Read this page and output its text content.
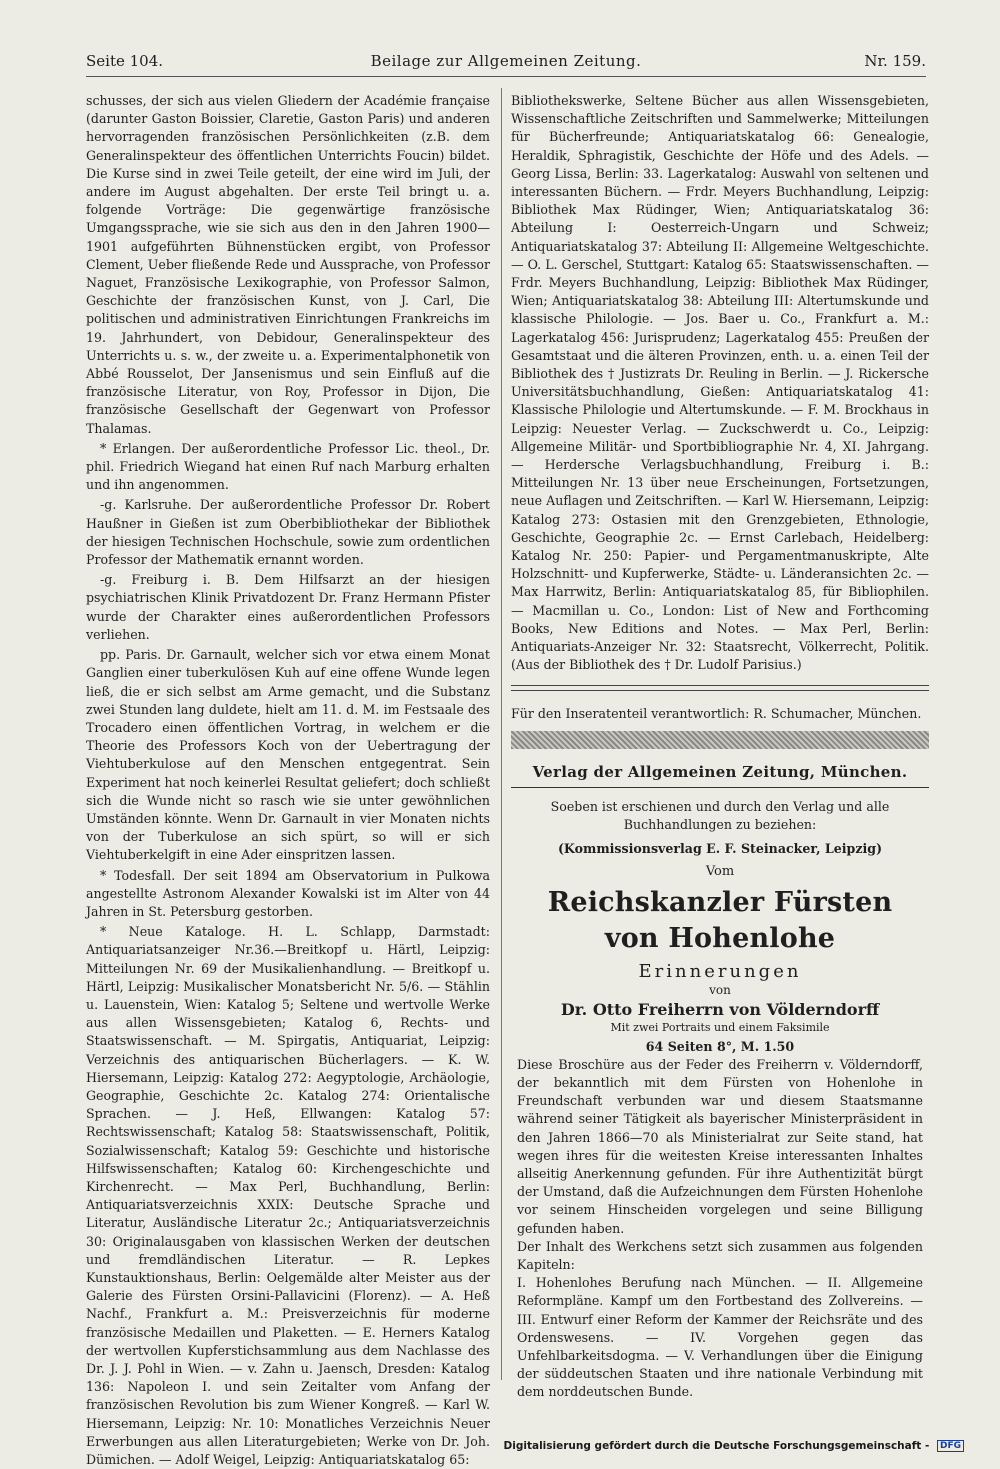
Seite 104.	Beilage zur Allgemeinen Zeitung.	Nr. 159.

schusses, der sich aus vielen Gliedern der Académie française (darunter Gaston Boissier, Claretie, Gaston Paris) und anderen hervorragenden französischen Persönlichkeiten (z.B. dem Generalinspekteur des öffentlichen Unterrichts Foucin) bildet. Die Kurse sind in zwei Teile geteilt, der eine wird im Juli, der andere im August abgehalten. Der erste Teil bringt u. a. folgende Vorträge: Die gegenwärtige französische Umgangssprache, wie sie sich aus den in den Jahren 1900—1901 aufgeführten Bühnenstücken ergibt, von Professor Clement, Ueber fließende Rede und Aussprache, von Professor Naguet, Französische Lexikographie, von Professor Salmon, Geschichte der französischen Kunst, von J. Carl, Die politischen und administrativen Einrichtungen Frankreichs im 19. Jahrhundert, von Debidour, Generalinspekteur des Unterrichts u. s. w., der zweite u. a. Experimentalphonetik von Abbé Rousselot, Der Jansenismus und sein Einfluß auf die französische Literatur, von Roy, Professor in Dijon, Die französische Gesellschaft der Gegenwart von Professor Thalamas.

* Erlangen. Der außerordentliche Professor Lic. theol., Dr. phil. Friedrich Wiegand hat einen Ruf nach Marburg erhalten und ihn angenommen.

-g. Karlsruhe. Der außerordentliche Professor Dr. Robert Haußner in Gießen ist zum Oberbibliothekar der Bibliothek der hiesigen Technischen Hochschule, sowie zum ordentlichen Professor der Mathematik ernannt worden.

-g. Freiburg i. B. Dem Hilfsarzt an der hiesigen psychiatrischen Klinik Privatdozent Dr. Franz Hermann Pfister wurde der Charakter eines außerordentlichen Professors verliehen.

pp. Paris. Dr. Garnault, welcher sich vor etwa einem Monat Ganglien einer tuberkulösen Kuh auf eine offene Wunde legen ließ, die er sich selbst am Arme gemacht, und die Substanz zwei Stunden lang duldete, hielt am 11. d. M. im Festsaale des Trocadero einen öffentlichen Vortrag, in welchem er die Theorie des Professors Koch von der Uebertragung der Viehtuberkulose auf den Menschen entgegentrat. Sein Experiment hat noch keinerlei Resultat geliefert; doch schließt sich die Wunde nicht so rasch wie sie unter gewöhnlichen Umständen könnte. Wenn Dr. Garnault in vier Monaten nichts von der Tuberkulose an sich spürt, so will er sich Viehtuberkelgift in eine Ader einspritzen lassen.

* Todesfall. Der seit 1894 am Observatorium in Pulkowa angestellte Astronom Alexander Kowalski ist im Alter von 44 Jahren in St. Petersburg gestorben.

* Neue Kataloge. H. L. Schlapp, Darmstadt: Antiquariatsanzeiger Nr.36.—Breitkopf u. Härtl, Leipzig: Mitteilungen Nr. 69 der Musikalienhandlung. — Breitkopf u. Härtl, Leipzig: Musikalischer Monatsbericht Nr. 5/6. — Stählin u. Lauenstein, Wien: Katalog 5; Seltene und wertvolle Werke aus allen Wissensgebieten; Katalog 6, Rechts- und Staatswissenschaft. — M. Spirgatis, Antiquariat, Leipzig: Verzeichnis des antiquarischen Bücherlagers. — K. W. Hiersemann, Leipzig: Katalog 272: Aegyptologie, Archäologie, Geographie, Geschichte 2c. Katalog 274: Orientalische Sprachen. — J. Heß, Ellwangen: Katalog 57: Rechtswissenschaft; Katalog 58: Staatswissenschaft, Politik, Sozialwissenschaft; Katalog 59: Geschichte und historische Hilfswissenschaften; Katalog 60: Kirchengeschichte und Kirchenrecht. — Max Perl, Buchhandlung, Berlin: Antiquariatsverzeichnis XXIX: Deutsche Sprache und Literatur, Ausländische Literatur 2c.; Antiquariatsverzeichnis 30: Originalausgaben von klassischen Werken der deutschen und fremdländischen Literatur. — R. Lepkes Kunstauktionshaus, Berlin: Oelgemälde alter Meister aus der Galerie des Fürsten Orsini-Pallavicini (Florenz). — A. Heß Nachf., Frankfurt a. M.: Preisverzeichnis für moderne französische Medaillen und Plaketten. — E. Herners Katalog der wertvollen Kupferstichsammlung aus dem Nachlasse des Dr. J. J. Pohl in Wien. — v. Zahn u. Jaensch, Dresden: Katalog 136: Napoleon I. und sein Zeitalter vom Anfang der französischen Revolution bis zum Wiener Kongreß. — Karl W. Hiersemann, Leipzig: Nr. 10: Monatliches Verzeichnis Neuer Erwerbungen aus allen Literaturgebieten; Werke von Dr. Joh. Dümichen. — Adolf Weigel, Leipzig: Antiquariatskatalog 65:

Bibliothekswerke, Seltene Bücher aus allen Wissensgebieten, Wissenschaftliche Zeitschriften und Sammelwerke; Mitteilungen für Bücherfreunde; Antiquariatskatalog 66: Genealogie, Heraldik, Sphragistik, Geschichte der Höfe und des Adels. — Georg Lissa, Berlin: 33. Lagerkatalog: Auswahl von seltenen und interessanten Büchern. — Frdr. Meyers Buchhandlung, Leipzig: Bibliothek Max Rüdinger, Wien; Antiquariatskatalog 36: Abteilung I: Oesterreich-Ungarn und Schweiz; Antiquariatskatalog 37: Abteilung II: Allgemeine Weltgeschichte. — O. L. Gerschel, Stuttgart: Katalog 65: Staatswissenschaften. — Frdr. Meyers Buchhandlung, Leipzig: Bibliothek Max Rüdinger, Wien; Antiquariatskatalog 38: Abteilung III: Altertumskunde und klassische Philologie. — Jos. Baer u. Co., Frankfurt a. M.: Lagerkatalog 456: Jurisprudenz; Lagerkatalog 455: Preußen der Gesamtstaat und die älteren Provinzen, enth. u. a. einen Teil der Bibliothek des † Justizrats Dr. Reuling in Berlin. — J. Rickersche Universitätsbuchhandlung, Gießen: Antiquariatskatalog 41: Klassische Philologie und Altertumskunde. — F. M. Brockhaus in Leipzig: Neuester Verlag. — Zuckschwerdt u. Co., Leipzig: Allgemeine Militär- und Sportbibliographie Nr. 4, XI. Jahrgang. — Herdersche Verlagsbuchhandlung, Freiburg i. B.: Mitteilungen Nr. 13 über neue Erscheinungen, Fortsetzungen, neue Auflagen und Zeitschriften. — Karl W. Hiersemann, Leipzig: Katalog 273: Ostasien mit den Grenzgebieten, Ethnologie, Geschichte, Geographie 2c. — Ernst Carlebach, Heidelberg: Katalog Nr. 250: Papier- und Pergamentmanuskripte, Alte Holzschnitt- und Kupferwerke, Städte- u. Länderansichten 2c. — Max Harrwitz, Berlin: Antiquariatskatalog 85, für Bibliophilen. — Macmillan u. Co., London: List of New and Forthcoming Books, New Editions and Notes. — Max Perl, Berlin: Antiquariats-Anzeiger Nr. 32: Staatsrecht, Völkerrecht, Politik. (Aus der Bibliothek des † Dr. Ludolf Parisius.)

Für den Inseratenteil verantwortlich: R. Schumacher, München.
Verlag der Allgemeinen Zeitung, München.
Soeben ist erschienen und durch den Verlag und alle Buchhandlungen zu beziehen:
(Kommissionsverlag E. F. Steinacker, Leipzig)
Vom
Reichskanzler Fürsten von Hohenlohe
Erinnerungen
von
Dr. Otto Freiherrn von Völderndorff
Mit zwei Portraits und einem Faksimile
64 Seiten 8°, M. 1.50

Diese Broschüre aus der Feder des Freiherrn v. Völderndorff, der bekanntlich mit dem Fürsten von Hohenlohe in Freundschaft verbunden war und diesem Staatsmanne während seiner Tätigkeit als bayerischer Ministerpräsident in den Jahren 1866—70 als Ministerialrat zur Seite stand, hat wegen ihres für die weitesten Kreise interessanten Inhaltes allseitig Anerkennung gefunden. Für ihre Authentizität bürgt der Umstand, daß die Aufzeichnungen dem Fürsten Hohenlohe vor seinem Hinscheiden vorgelegen und seine Billigung gefunden haben.

Der Inhalt des Werkchens setzt sich zusammen aus folgenden Kapiteln:

I. Hohenlohes Berufung nach München. — II. Allgemeine Reformpläne. Kampf um den Fortbestand des Zollvereins. — III. Entwurf einer Reform der Kammer der Reichsräte und des Ordenswesens. — IV. Vorgehen gegen das Unfehlbarkeitsdogma. — V. Verhandlungen über die Einigung der süddeutschen Staaten und ihre nationale Verbindung mit dem norddeutschen Bunde.

Digitalisierung gefördert durch die Deutsche Forschungsgemeinschaft - DFG
